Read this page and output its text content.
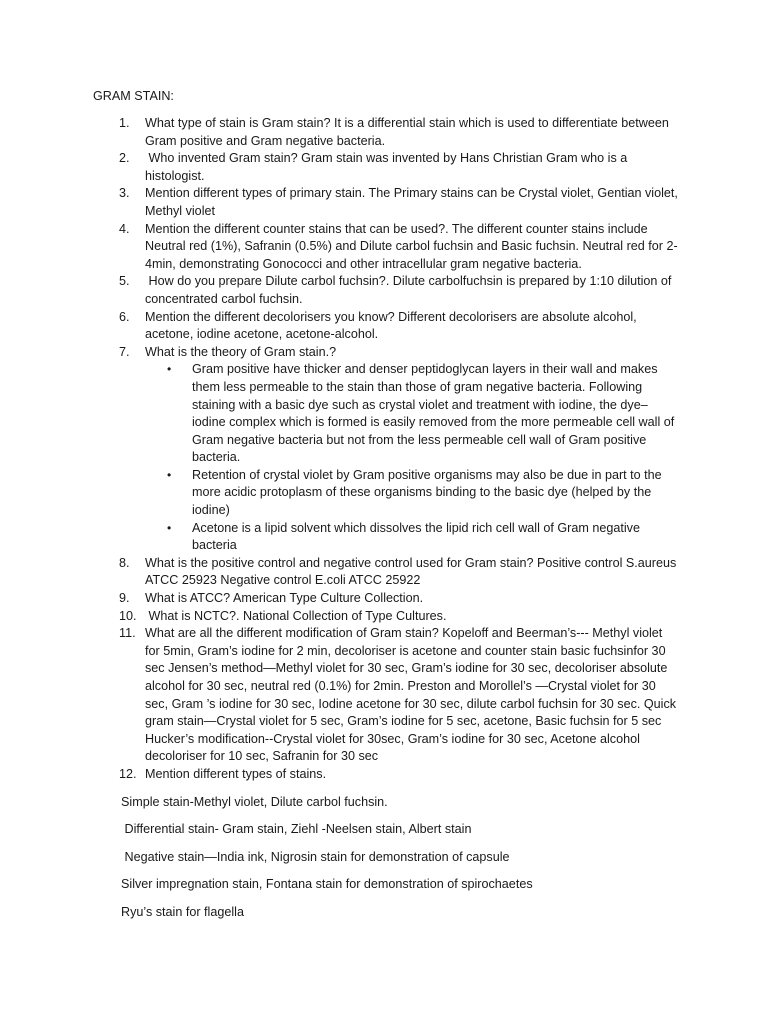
GRAM STAIN:

1.	What type of stain is Gram stain? It is a differential stain which is used to differentiate between Gram positive and Gram negative bacteria.
2.	Who invented Gram stain? Gram stain was invented by Hans Christian Gram who is a histologist.
3.	Mention different types of primary stain. The Primary stains can be Crystal violet, Gentian violet, Methyl violet
4.	Mention the different counter stains that can be used?. The different counter stains include Neutral red (1%), Safranin (0.5%) and Dilute carbol fuchsin and Basic fuchsin. Neutral red for 2-4min, demonstrating Gonococci and other intracellular gram negative bacteria.
5.	How do you prepare Dilute carbol fuchsin?. Dilute carbolfuchsin is prepared by 1:10 dilution of concentrated carbol fuchsin.
6.	Mention the different decolorisers you know? Different decolorisers are absolute alcohol, acetone, iodine acetone, acetone-alcohol.
7.	What is the theory of Gram stain.?
• Gram positive have thicker and denser peptidoglycan layers in their wall and makes them less permeable to the stain than those of gram negative bacteria. Following staining with a basic dye such as crystal violet and treatment with iodine, the dye–iodine complex which is formed is easily removed from the more permeable cell wall of Gram negative bacteria but not from the less permeable cell wall of Gram positive bacteria.
• Retention of crystal violet by Gram positive organisms may also be due in part to the more acidic protoplasm of these organisms binding to the basic dye (helped by the iodine)
• Acetone is a lipid solvent which dissolves the lipid rich cell wall of Gram negative bacteria
8.	What is the positive control and negative control used for Gram stain? Positive control S.aureus ATCC 25923 Negative control E.coli ATCC 25922
9.	What is ATCC? American Type Culture Collection.
10. What is NCTC?. National Collection of Type Cultures.
11. What are all the different modification of Gram stain? Kopeloff and Beerman’s--- Methyl violet for 5min, Gram’s iodine for 2 min, decoloriser is acetone and counter stain basic fuchsinfor 30 sec Jensen’s method—Methyl violet for 30 sec, Gram’s iodine for 30 sec, decoloriser absolute alcohol for 30 sec, neutral red (0.1%) for 2min. Preston and Morollel’s —Crystal violet for 30 sec, Gram ’s iodine for 30 sec, Iodine acetone for 30 sec, dilute carbol fuchsin for 30 sec. Quick gram stain—Crystal violet for 5 sec, Gram’s iodine for 5 sec, acetone, Basic fuchsin for 5 sec Hucker’s modification--Crystal violet for 30sec, Gram’s iodine for 30 sec, Acetone alcohol decoloriser for 10 sec, Safranin for 30 sec
12. Mention different types of stains.

Simple stain-Methyl violet, Dilute carbol fuchsin.

Differential stain- Gram stain, Ziehl -Neelsen stain, Albert stain

Negative stain—India ink, Nigrosin stain for demonstration of capsule

Silver impregnation stain, Fontana stain for demonstration of spirochaetes

Ryu’s stain for flagella
